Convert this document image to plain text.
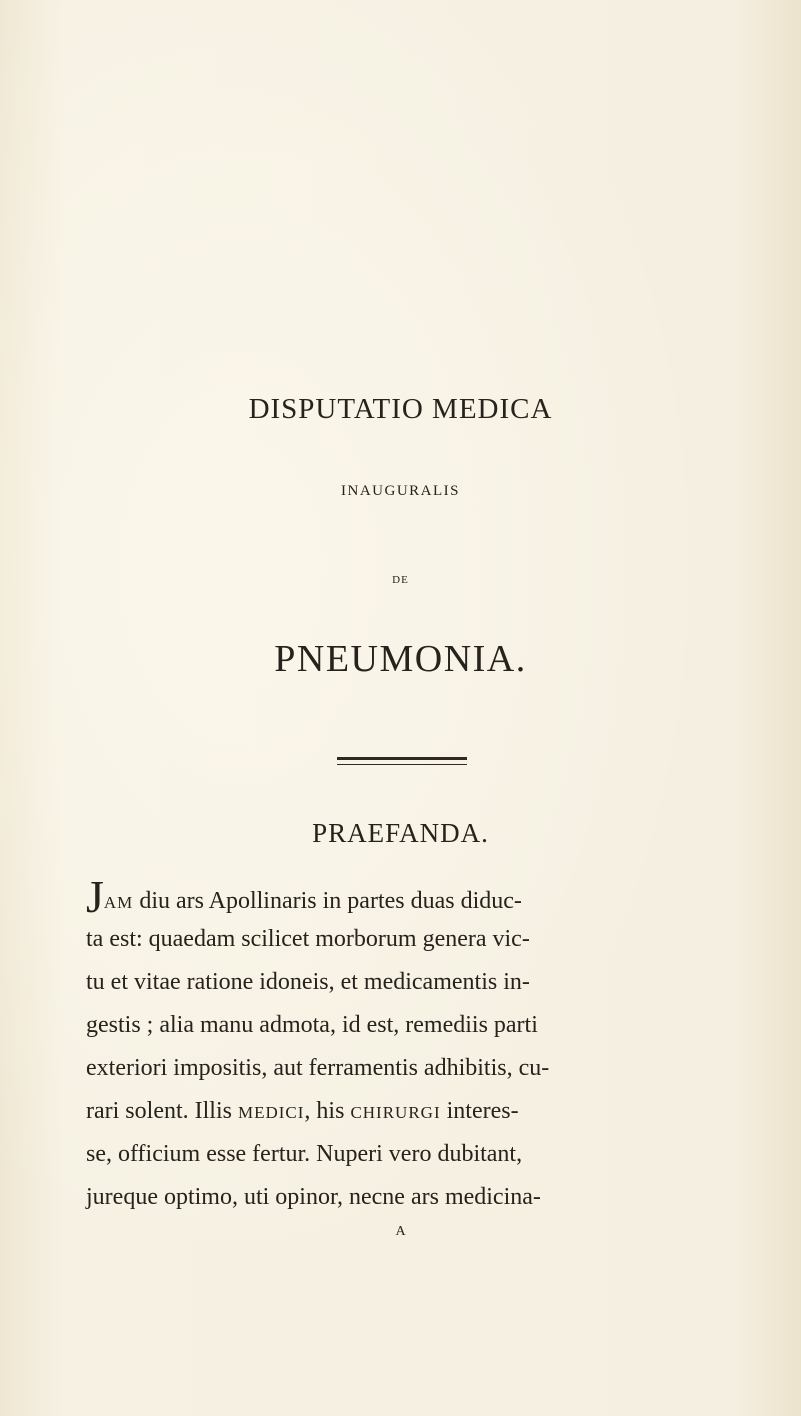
DISPUTATIO MEDICA
INAUGURALIS
DE
PNEUMONIA.
PRAEFANDA.
JAM diu ars Apollinaris in partes duas diduc-
ta est: quaedam scilicet morborum genera vic-
tu et vitae ratione idoneis, et medicamentis in-
gestis ; alia manu admota, id est, remediis parti
exteriori impositis, aut ferramentis adhibitis, cu-
rari solent. Illis MEDICI, his CHIRURGI interes-
se, officium esse fertur. Nuperi vero dubitant,
jureque optimo, uti opinor, necne ars medicina-
A
